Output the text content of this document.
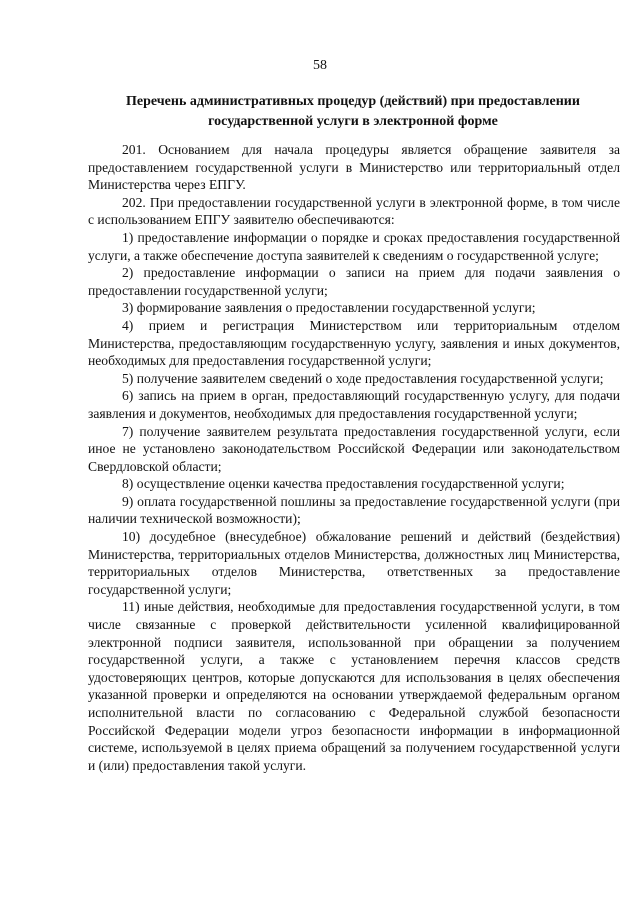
58
Перечень административных процедур (действий) при предоставлении
государственной услуги в электронной форме

201. Основанием для начала процедуры является обращение заявителя за предоставлением государственной услуги в Министерство или территориальный отдел Министерства через ЕПГУ.

202. При предоставлении государственной услуги в электронной форме, в том числе с использованием ЕПГУ заявителю обеспечиваются:

1) предоставление информации о порядке и сроках предоставления государственной услуги, а также обеспечение доступа заявителей к сведениям о государственной услуге;

2) предоставление информации о записи на прием для подачи заявления о предоставлении государственной услуги;

3) формирование заявления о предоставлении государственной услуги;

4) прием и регистрация Министерством или территориальным отделом Министерства, предоставляющим государственную услугу, заявления и иных документов, необходимых для предоставления государственной услуги;

5) получение заявителем сведений о ходе предоставления государственной услуги;

6) запись на прием в орган, предоставляющий государственную услугу, для подачи заявления и документов, необходимых для предоставления государственной услуги;

7) получение заявителем результата предоставления государственной услуги, если иное не установлено законодательством Российской Федерации или законодательством Свердловской области;

8) осуществление оценки качества предоставления государственной услуги;

9) оплата государственной пошлины за предоставление государственной услуги (при наличии технической возможности);

10) досудебное (внесудебное) обжалование решений и действий (бездействия) Министерства, территориальных отделов Министерства, должностных лиц Министерства, территориальных отделов Министерства, ответственных за предоставление государственной услуги;

11) иные действия, необходимые для предоставления государственной услуги, в том числе связанные с проверкой действительности усиленной квалифицированной электронной подписи заявителя, использованной при обращении за получением государственной услуги, а также с установлением перечня классов средств удостоверяющих центров, которые допускаются для использования в целях обеспечения указанной проверки и определяются на основании утверждаемой федеральным органом исполнительной власти по согласованию с Федеральной службой безопасности Российской Федерации модели угроз безопасности информации в информационной системе, используемой в целях приема обращений за получением государственной услуги и (или) предоставления такой услуги.
